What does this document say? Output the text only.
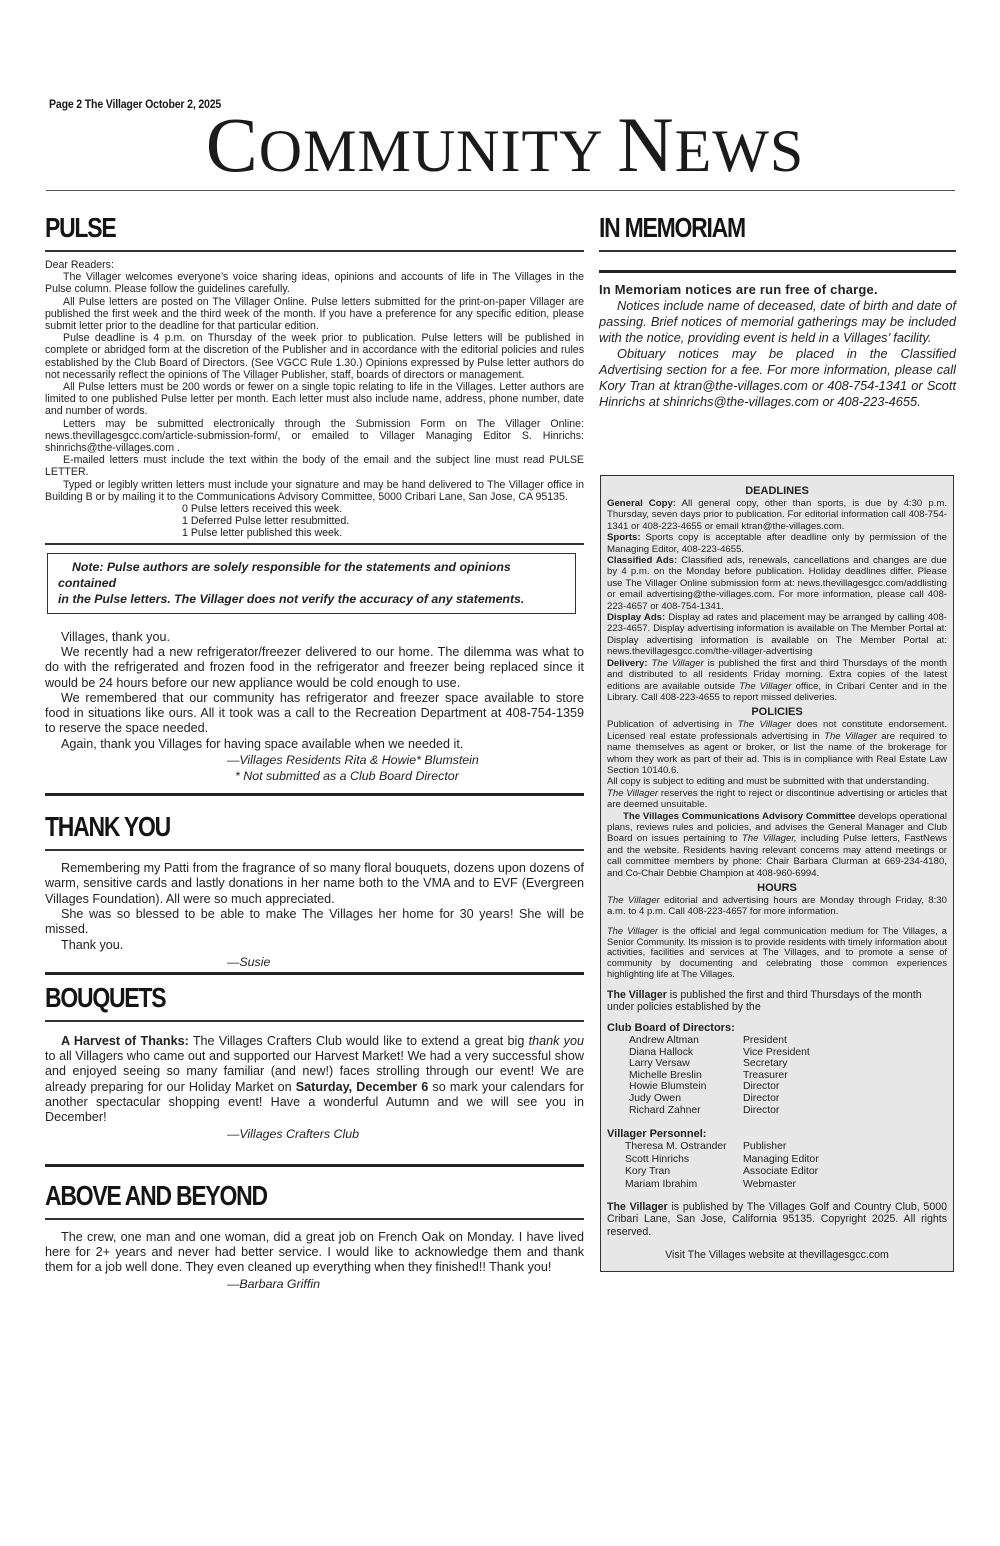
Page 2 The Villager October 2, 2025
COMMUNITY NEWS
PULSE

Dear Readers:

The Villager welcomes everyone’s voice sharing ideas, opinions and accounts of life in The Villages in the Pulse column. Please follow the guidelines carefully.

All Pulse letters are posted on The Villager Online. Pulse letters submitted for the print-on-paper Villager are published the first week and the third week of the month. If you have a preference for any specific edition, please submit letter prior to the deadline for that particular edition.

Pulse deadline is 4 p.m. on Thursday of the week prior to publication. Pulse letters will be published in complete or abridged form at the discretion of the Publisher and in accordance with the editorial policies and rules established by the Club Board of Directors. (See VGCC Rule 1.30.) Opinions expressed by Pulse letter authors do not necessarily reflect the opinions of The Villager Publisher, staff, boards of directors or management.

All Pulse letters must be 200 words or fewer on a single topic relating to life in the Villages. Letter authors are limited to one published Pulse letter per month. Each letter must also include name, address, phone number, date and number of words.

Letters may be submitted electronically through the Submission Form on The Villager Online: news.thevillagesgcc.com/article-submission-form/, or emailed to Villager Managing Editor S. Hinrichs: shinrichs@the-villages.com .

E-mailed letters must include the text within the body of the email and the subject line must read PULSE LETTER.

Typed or legibly written letters must include your signature and may be hand delivered to The Villager office in Building B or by mailing it to the Communications Advisory Committee, 5000 Cribari Lane, San Jose, CA 95135.

0 Pulse letters received this week.
1 Deferred Pulse letter resubmitted.
1 Pulse letter published this week.
Note: Pulse authors are solely responsible for the statements and opinions contained
in the Pulse letters. The Villager does not verify the accuracy of any statements.

Villages, thank you.

We recently had a new refrigerator/freezer delivered to our home. The dilemma was what to do with the refrigerated and frozen food in the refrigerator and freezer being replaced since it would be 24 hours before our new appliance would be cold enough to use.

We remembered that our community has refrigerator and freezer space available to store food in situations like ours. All it took was a call to the Recreation Department at 408-754-1359 to reserve the space needed.

Again, thank you Villages for having space available when we needed it.

—Villages Residents Rita & Howie* Blumstein
* Not submitted as a Club Board Director
THANK YOU

Remembering my Patti from the fragrance of so many floral bouquets, dozens upon dozens of warm, sensitive cards and lastly donations in her name both to the VMA and to EVF (Evergreen Villages Foundation). All were so much appreciated.

She was so blessed to be able to make The Villages her home for 30 years! She will be missed.

Thank you.

—Susie
BOUQUETS

A Harvest of Thanks: The Villages Crafters Club would like to extend a great big thank you to all Villagers who came out and supported our Harvest Market! We had a very successful show and enjoyed seeing so many familiar (and new!) faces strolling through our event! We are already preparing for our Holiday Market on Saturday, December 6 so mark your calendars for another spectacular shopping event! Have a wonderful Autumn and we will see you in December!

—Villages Crafters Club
ABOVE AND BEYOND

The crew, one man and one woman, did a great job on French Oak on Monday. I have lived here for 2+ years and never had better service. I would like to acknowledge them and thank them for a job well done. They even cleaned up everything when they finished!! Thank you!

—Barbara Griffin
IN MEMORIAM
In Memoriam notices are run free of charge.

Notices include name of deceased, date of birth and date of passing. Brief notices of memorial gatherings may be included with the notice, providing event is held in a Villages’ facility.

Obituary notices may be placed in the Classified Advertising section for a fee. For more information, please call Kory Tran at ktran@the-villages.com or 408-754-1341 or Scott Hinrichs at shinrichs@the-villages.com or 408-223-4655.

DEADLINES

General Copy: All general copy, other than sports, is due by 4:30 p.m. Thursday, seven days prior to publication. For editorial information call 408-754-1341 or 408-223-4655 or email ktran@the-villages.com.

Sports: Sports copy is acceptable after deadline only by permission of the Managing Editor, 408-223-4655.

Classified Ads: Classified ads, renewals, cancellations and changes are due by 4 p.m. on the Monday before publication. Holiday deadlines differ. Please use The Villager Online submission form at: news.thevillagesgcc.com/addlisting or email advertising@the-villages.com. For more information, please call 408-223-4657 or 408-754-1341.

Display Ads: Display ad rates and placement may be arranged by calling 408-223-4657. Display advertising information is available on The Member Portal at: Display advertising information is available on The Member Portal at: news.thevillagesgcc.com/the-villager-advertising

Delivery: The Villager is published the first and third Thursdays of the month and distributed to all residents Friday morning. Extra copies of the latest editions are available outside The Villager office, in Cribari Center and in the Library. Call 408-223-4655 to report missed deliveries.

POLICIES

Publication of advertising in The Villager does not constitute endorsement. Licensed real estate professionals advertising in The Villager are required to name themselves as agent or broker, or list the name of the brokerage for whom they work as part of their ad. This is in compliance with Real Estate Law Section 10140.6.

All copy is subject to editing and must be submitted with that understanding.

The Villager reserves the right to reject or discontinue advertising or articles that are deemed unsuitable.

The Villages Communications Advisory Committee develops operational plans, reviews rules and policies, and advises the General Manager and Club Board on issues pertaining to The Villager, including Pulse letters, FastNews and the website. Residents having relevant concerns may attend meetings or call committee members by phone: Chair Barbara Clurman at 669-234-4180, and Co-Chair Debbie Champion at 408-960-6994.

HOURS

The Villager editorial and advertising hours are Monday through Friday, 8:30 a.m. to 4 p.m. Call 408-223-4657 for more information.

The Villager is the official and legal communication medium for The Villages, a Senior Community. Its mission is to provide residents with timely information about activities, facilities and services at The Villages, and to promote a sense of community by documenting and celebrating those common experiences highlighting life at The Villages.

The Villager is published the first and third Thursdays of the month under policies established by the

Club Board of Directors:
Andrew Altman	President
Diana Hallock	Vice President
Larry Versaw	Secretary
Michelle Breslin	Treasurer
Howie Blumstein	Director
Judy Owen	Director
Richard Zahner	Director
Villager Personnel:
Theresa M. Ostrander	Publisher
Scott Hinrichs	Managing Editor
Kory Tran	Associate Editor
Mariam Ibrahim	Webmaster

The Villager is published by The Villages Golf and Country Club, 5000 Cribari Lane, San Jose, California 95135. Copyright 2025. All rights reserved.

Visit The Villages website at thevillagesgcc.com
